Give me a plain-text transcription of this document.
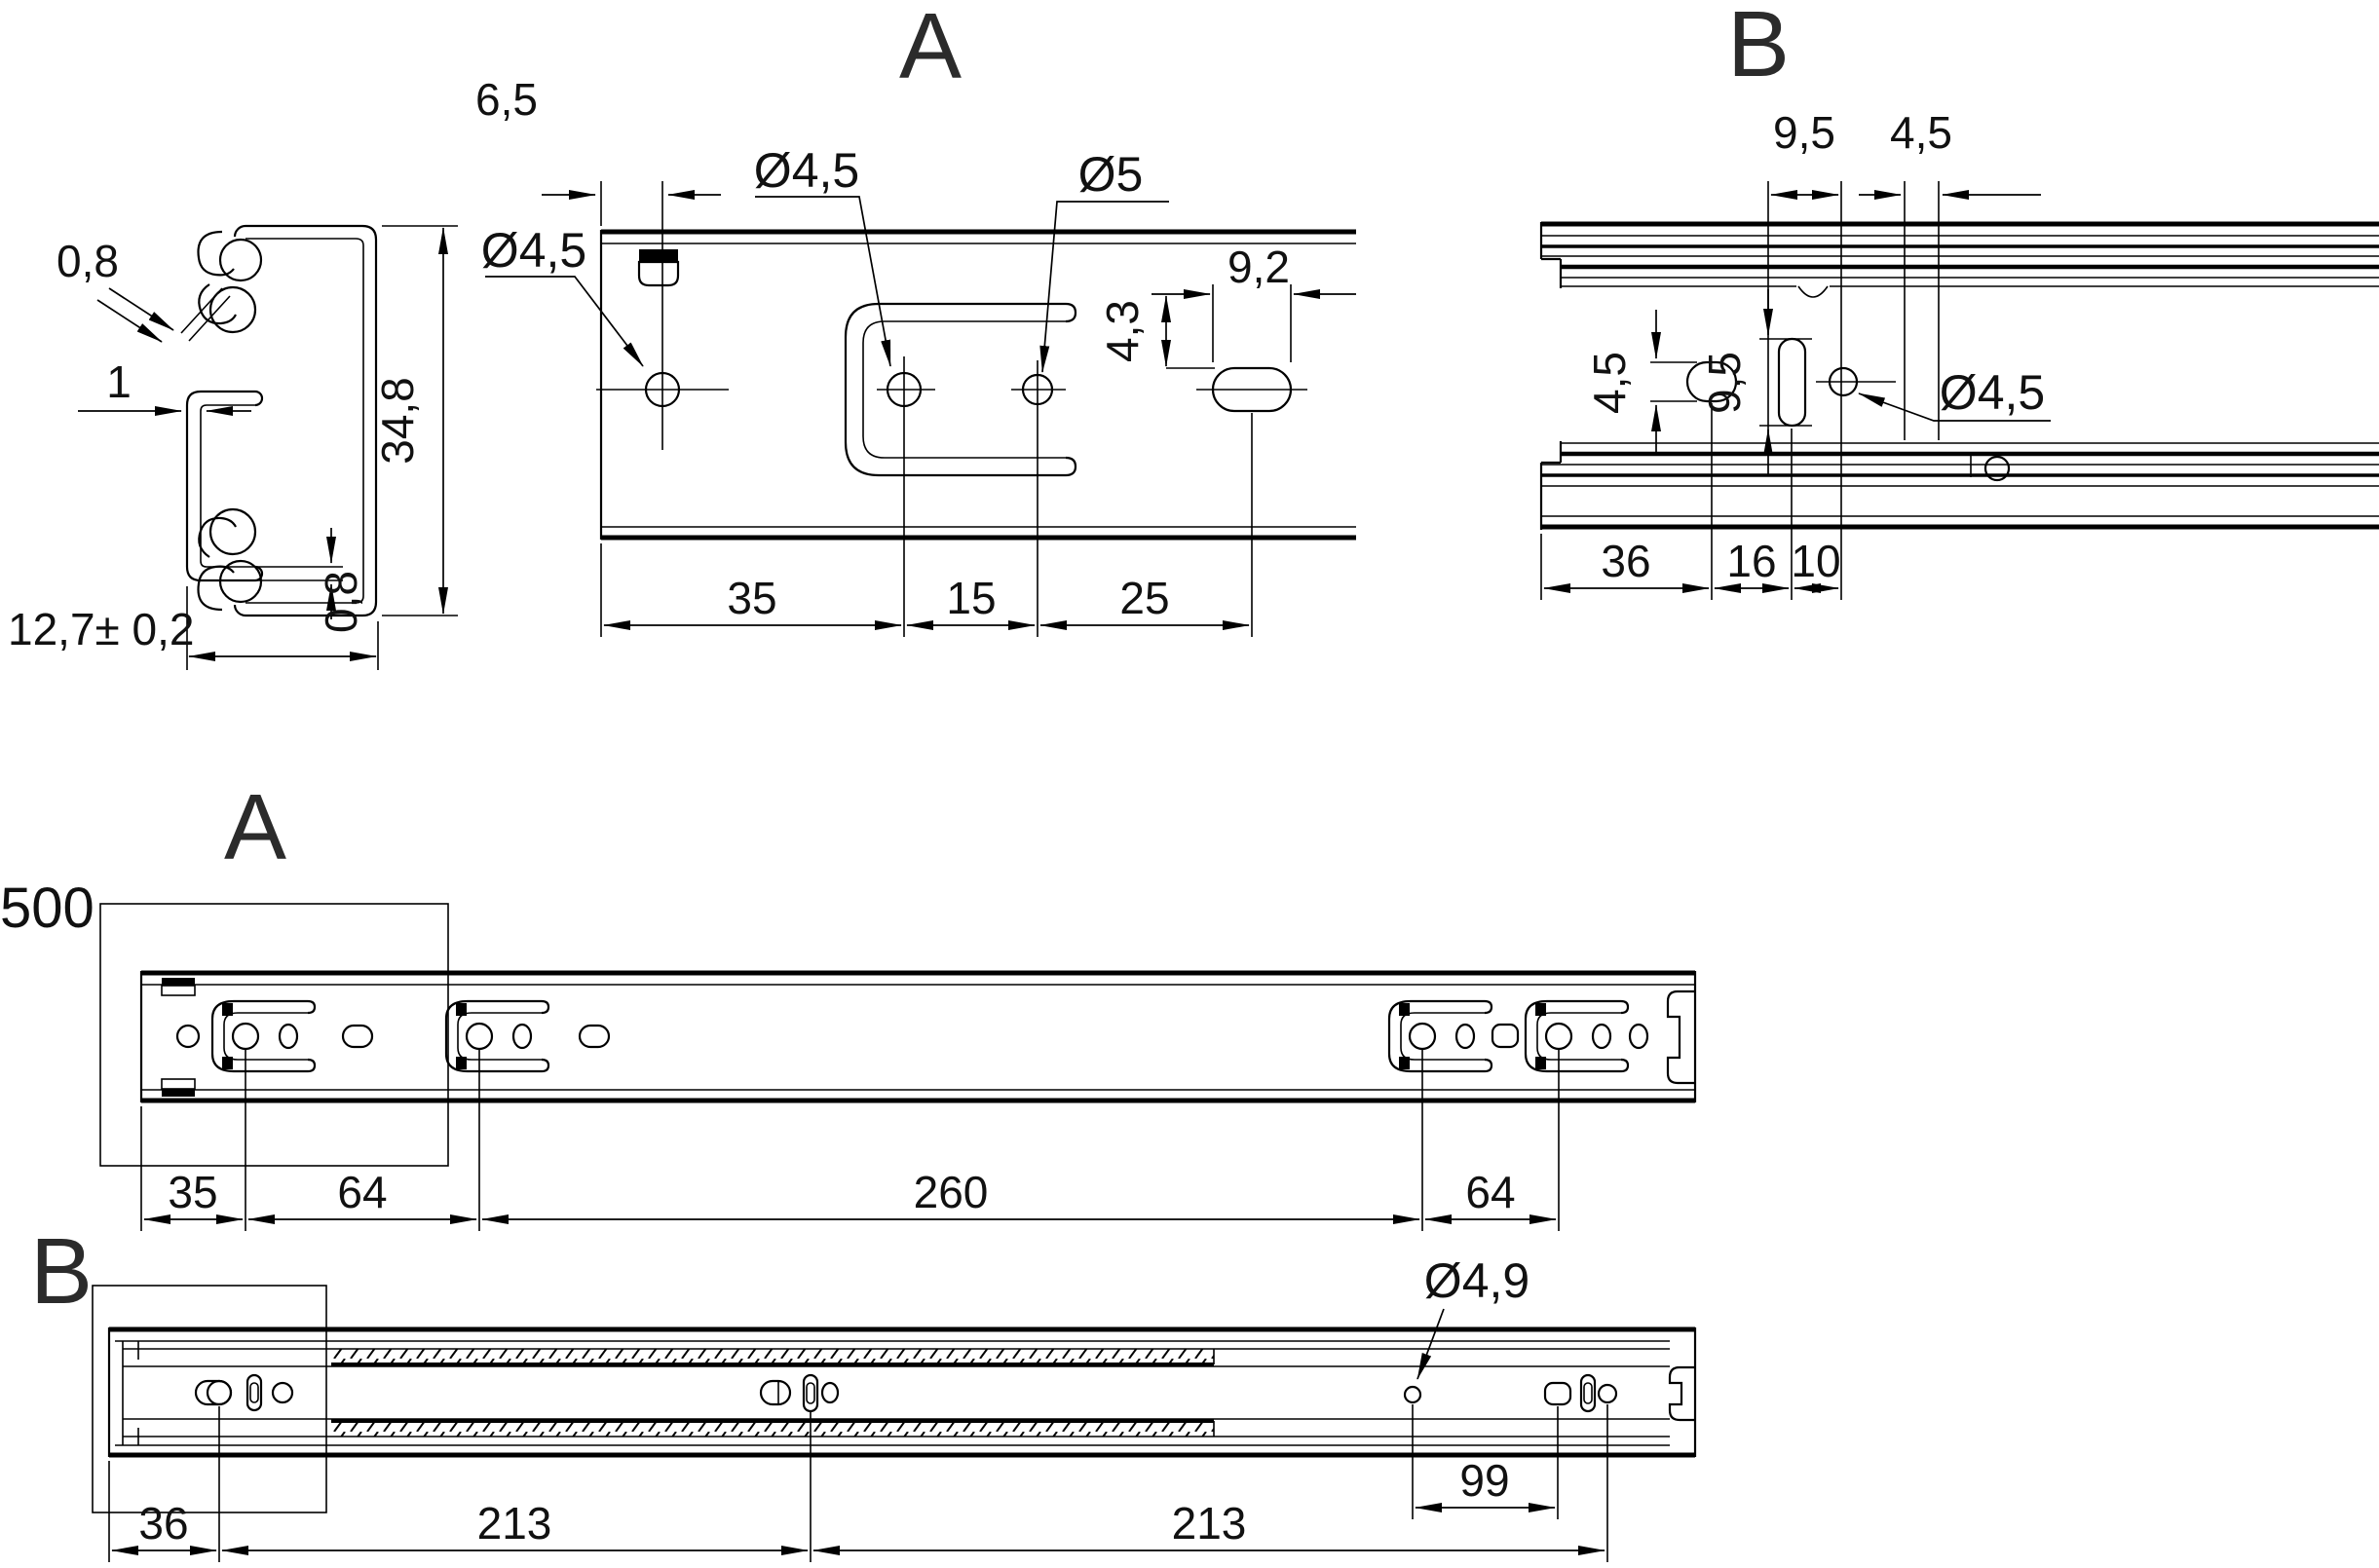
0,8
1	34,8
0,8
12,7± 0,2
A
6,5
Ø4,5
Ø4,5	Ø5
9,2
4,3
35	15	25
B
9,5 4,5
4,5 9,5	Ø4,5
36 16 10
A
500
35	64	260	64
B	Ø4,9
99
36	213	213
